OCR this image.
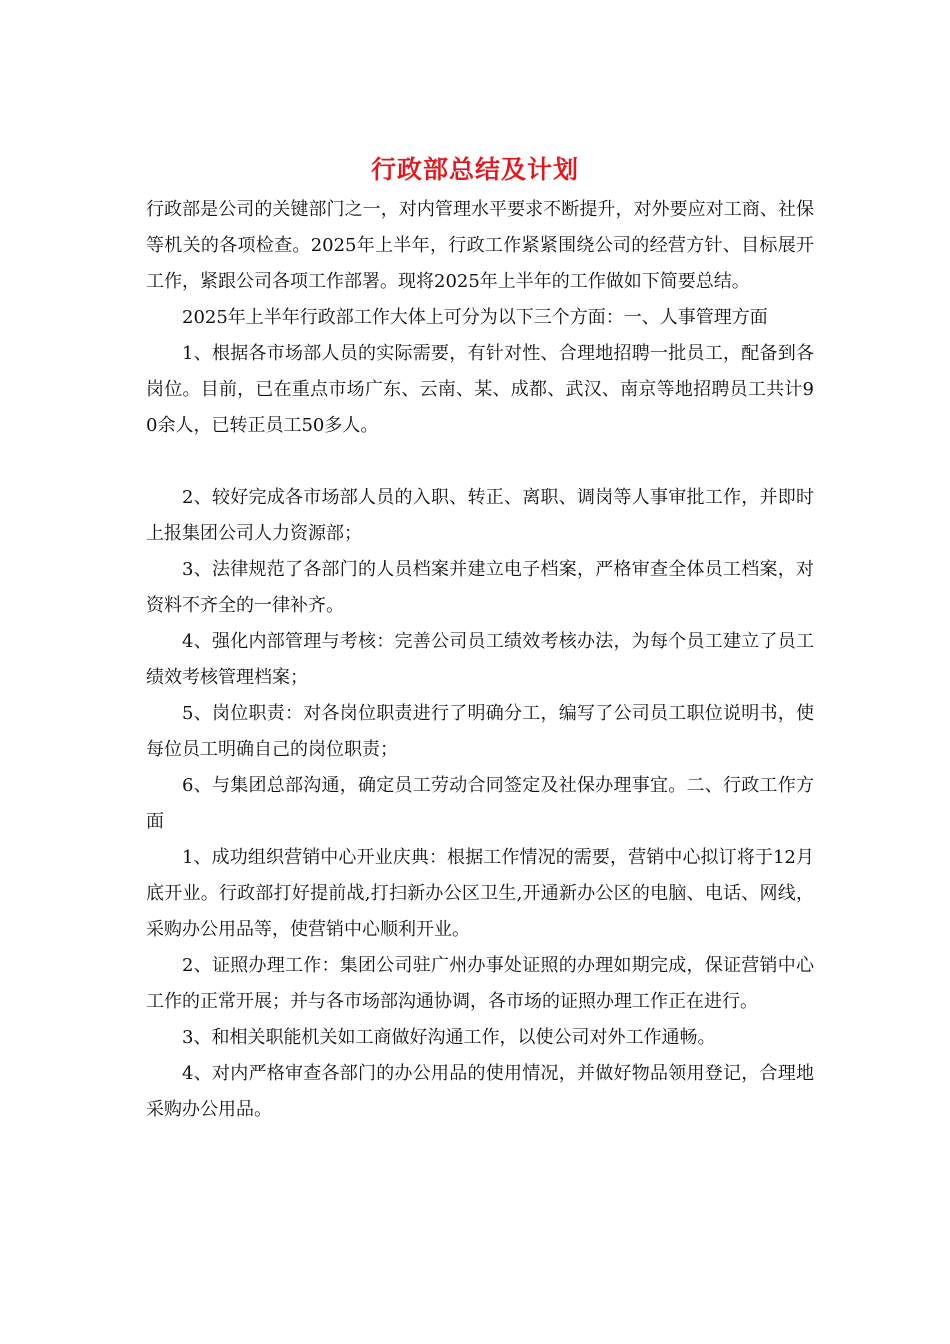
行政部总结及计划

行政部是公司的关键部门之一，对内管理水平要求不断提升，对外要应对工商、社保等机关的各项检查。2025年上半年，行政工作紧紧围绕公司的经营方针、目标展开工作，紧跟公司各项工作部署。现将2025年上半年的工作做如下简要总结。

2025年上半年行政部工作大体上可分为以下三个方面：一、人事管理方面

1、根据各市场部人员的实际需要，有针对性、合理地招聘一批员工，配备到各岗位。目前，已在重点市场广东、云南、某、成都、武汉、南京等地招聘员工共计90余人，已转正员工50多人。

2、较好完成各市场部人员的入职、转正、离职、调岗等人事审批工作，并即时上报集团公司人力资源部；

3、法律规范了各部门的人员档案并建立电子档案，严格审查全体员工档案，对资料不齐全的一律补齐。

4、强化内部管理与考核：完善公司员工绩效考核办法，为每个员工建立了员工绩效考核管理档案；

5、岗位职责：对各岗位职责进行了明确分工，编写了公司员工职位说明书，使每位员工明确自己的岗位职责；

6、与集团总部沟通，确定员工劳动合同签定及社保办理事宜。二、行政工作方面

1、成功组织营销中心开业庆典：根据工作情况的需要，营销中心拟订将于12月底开业。行政部打好提前战,打扫新办公区卫生,开通新办公区的电脑、电话、网线，采购办公用品等，使营销中心顺利开业。

2、证照办理工作：集团公司驻广州办事处证照的办理如期完成，保证营销中心工作的正常开展；并与各市场部沟通协调，各市场的证照办理工作正在进行。

3、和相关职能机关如工商做好沟通工作，以使公司对外工作通畅。

4、对内严格审查各部门的办公用品的使用情况，并做好物品领用登记，合理地采购办公用品。
